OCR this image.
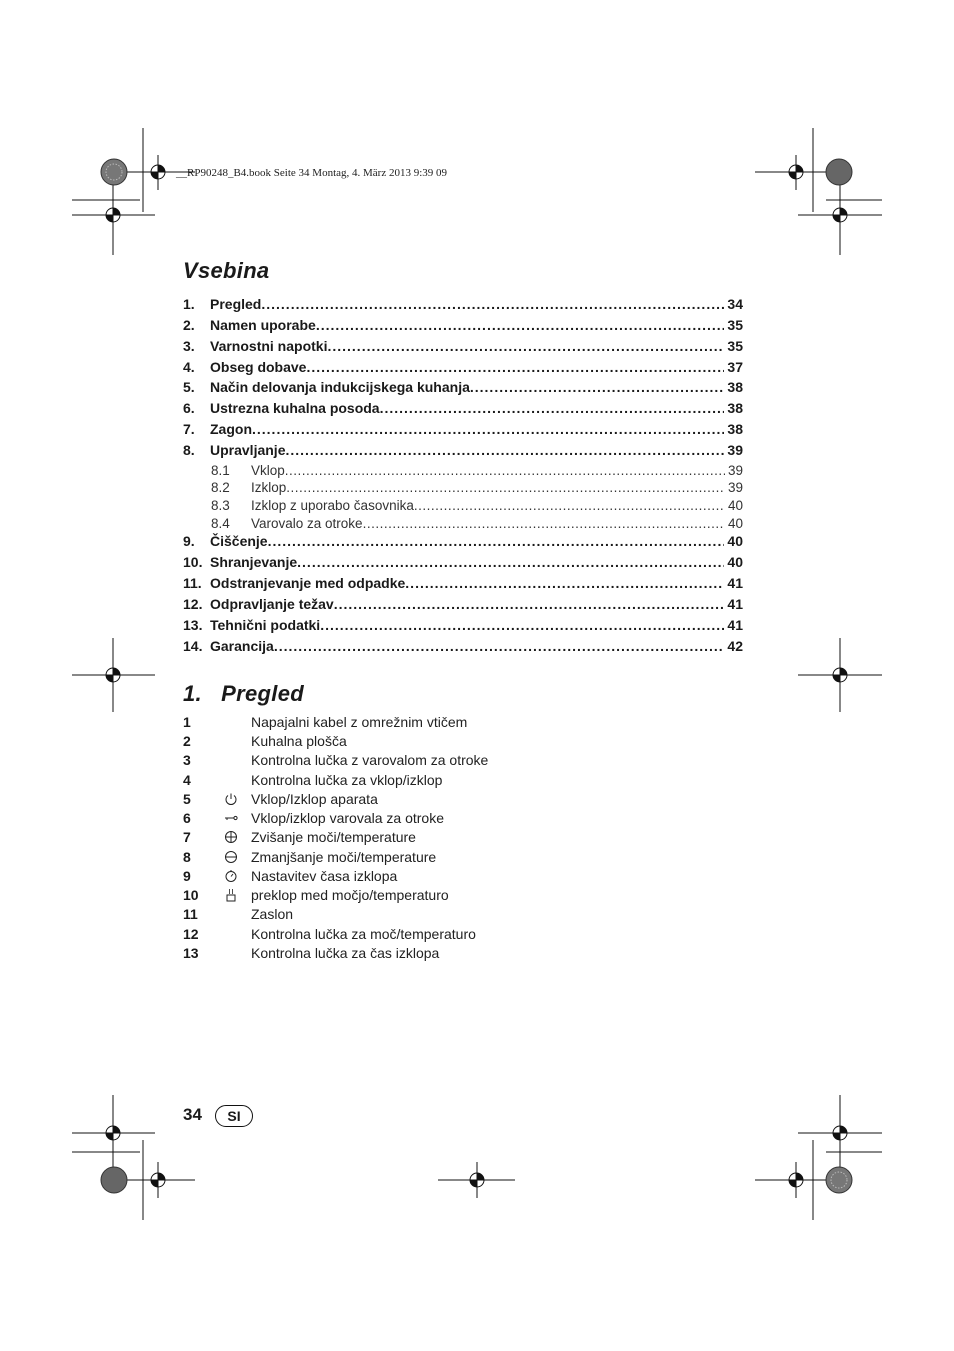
__RP90248_B4.book Seite 34 Montag, 4. März 2013 9:39 09
Vsebina
1.	Pregled .....	34
2.	Namen uporabe .....	35
3.	Varnostni napotki .....	35
4.	Obseg dobave .....	37
5.	Način delovanja indukcijskega kuhanja .....	38
6.	Ustrezna kuhalna posoda .....	38
7.	Zagon .....	38
8.	Upravljanje .....	39
8.1	Vklop .....	39
8.2	Izklop .....	39
8.3	Izklop z uporabo časovnika .....	40
8.4	Varovalo za otroke .....	40
9.	Čiščenje .....	40
10. Shranjevanje .....	40
11. Odstranjevanje med odpadke .....	41
12. Odpravljanje težav .....	41
13. Tehnični podatki .....	41
14. Garancija .....	42
1.   Pregled
1	Napajalni kabel z omrežnim vtičem
2	Kuhalna plošča
3	Kontrolna lučka z varovalom za otroke
4	Kontrolna lučka za vklop/izklop
5	Vklop/Izklop aparata
6	Vklop/izklop varovala za otroke
7	Zvišanje moči/temperature
8	Zmanjšanje moči/temperature
9	Nastavitev časa izklopa
10	preklop med močjo/temperaturo
11	Zaslon
12	Kontrolna lučka za moč/temperaturo
13	Kontrolna lučka za čas izklopa
34	SI
